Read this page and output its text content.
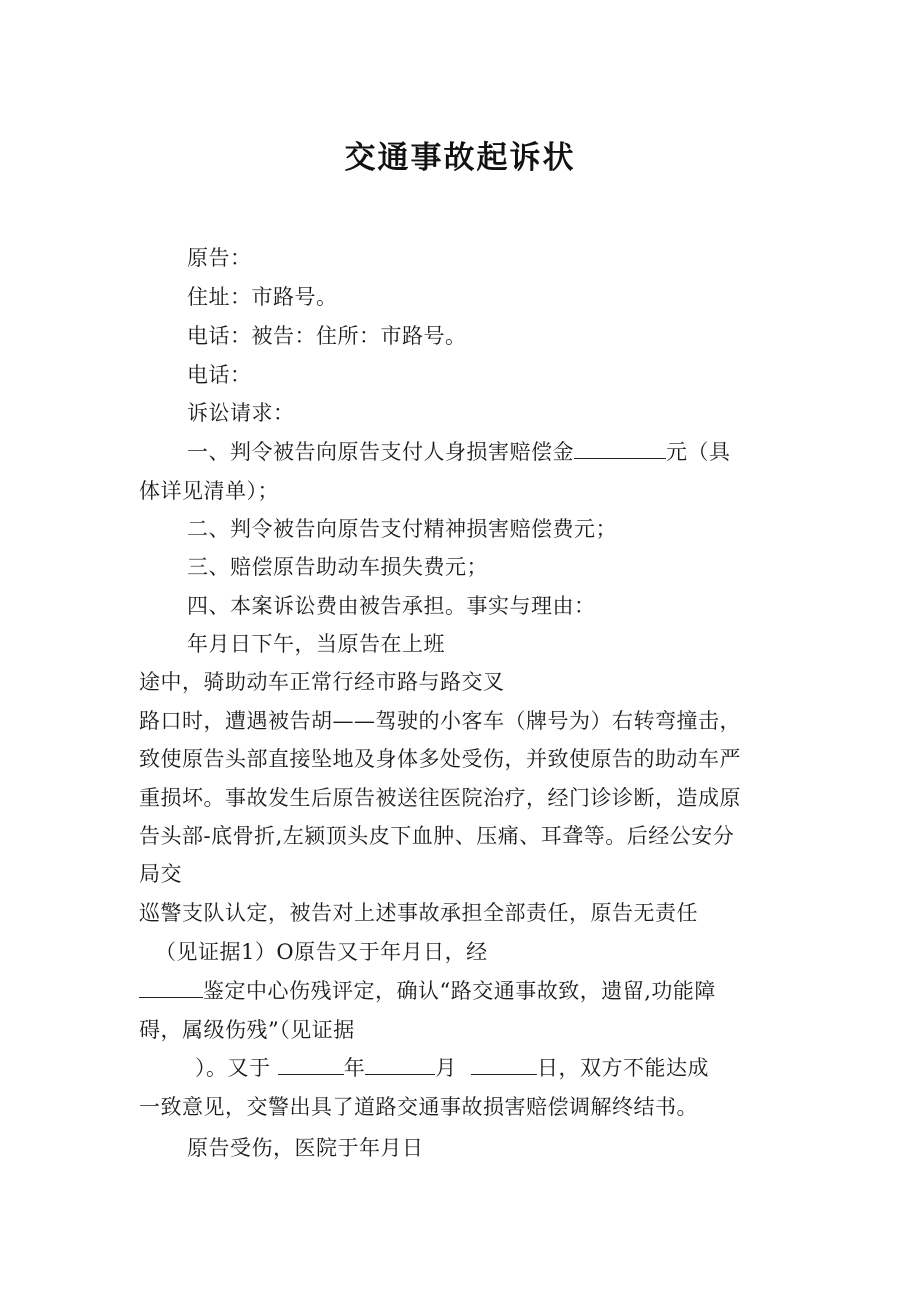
交通事故起诉状
原告：
住址：市路号。
电话：被告：住所：市路号。
电话：
诉讼请求：
一、判令被告向原告支付人身损害赔偿金	元（具
体详见清单）；
二、判令被告向原告支付精神损害赔偿费元；
三、赔偿原告助动车损失费元；
四、本案诉讼费由被告承担。事实与理由：
年月日下午，当原告在上班
途中，骑助动车正常行经市路与路交叉
路口时，遭遇被告胡——驾驶的小客车（牌号为）右转弯撞击，
致使原告头部直接坠地及身体多处受伤，并致使原告的助动车严
重损坏。事故发生后原告被送往医院治疗，经门诊诊断，造成原
告头部-底骨折,左颍顶头皮下血肿、压痛、耳聋等。后经公安分
局交
巡警支队认定，被告对上述事故承担全部责任，原告无责任
（见证据1）O原告又于年月日，经
鉴定中心伤残评定，确认“路交通事故致，遗留,功能障
碍，属级伤残”（见证据
）。又于	年	月	日，双方不能达成
一致意见，交警出具了道路交通事故损害赔偿调解终结书。
原告受伤，医院于年月日
